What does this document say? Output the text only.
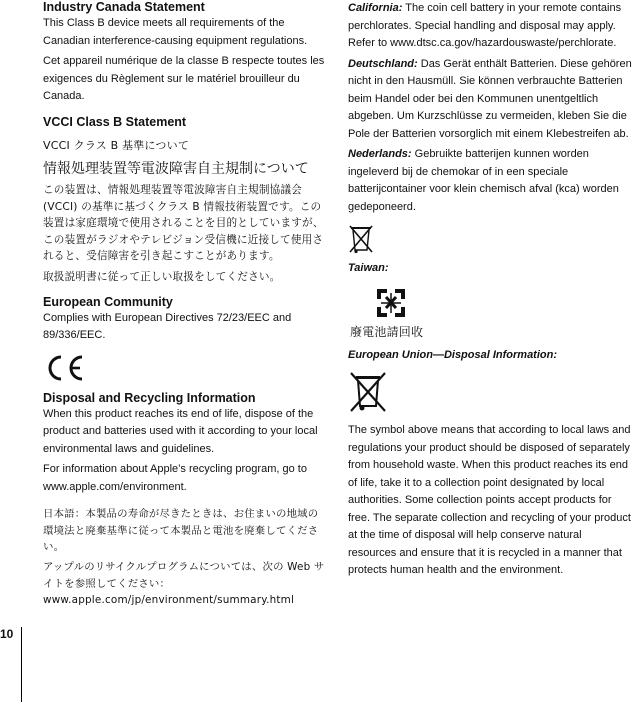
Industry Canada Statement

This Class B device meets all requirements of the Canadian interference-causing equipment regulations.

Cet appareil numérique de la classe B respecte toutes les exigences du Règlement sur le matériel brouilleur du Canada.

VCCI Class B Statement

VCCI クラス B 基準について

情報処理装置等電波障害自主規制について

この装置は、情報処理装置等電波障害自主規制協議会 (VCCI) の基準に基づくクラス B 情報技術装置です。この装置は家庭環境で使用されることを目的としていますが、この装置がラジオやテレビジョン受信機に近接して使用されると、受信障害を引き起こすことがあります。

取扱説明書に従って正しい取扱をしてください。

European Community

Complies with European Directives 72/23/EEC and 89/336/EEC.

Disposal and Recycling Information

When this product reaches its end of life, dispose of the product and batteries used with it according to your local environmental laws and guidelines.

For information about Apple’s recycling program, go to www.apple.com/environment.

日本語：本製品の寿命が尽きたときは、お住まいの地域の環境法と廃棄基準に従って本製品と電池を廃棄してください。

アップルのリサイクルプログラムについては、次の Web サイトを参照してください：

www.apple.com/jp/environment/summary.html

California: The coin cell battery in your remote contains perchlorates. Special handling and disposal may apply. Refer to www.dtsc.ca.gov/hazardouswaste/perchlorate.

Deutschland: Das Gerät enthält Batterien. Diese gehören nicht in den Hausmüll. Sie können verbrauchte Batterien beim Handel oder bei den Kommunen unentgeltlich abgeben. Um Kurzschlüsse zu vermeiden, kleben Sie die Pole der Batterien vorsorglich mit einem Klebestreifen ab.

Nederlands: Gebruikte batterijen kunnen worden ingeleverd bij de chemokar of in een speciale batterijcontainer voor klein chemisch afval (kca) worden gedeponeerd.

Taiwan:

廢電池請回收

European Union—Disposal Information:

The symbol above means that according to local laws and regulations your product should be disposed of separately from household waste. When this product reaches its end of life, take it to a collection point designated by local authorities. Some collection points accept products for free. The separate collection and recycling of your product at the time of disposal will help conserve natural resources and ensure that it is recycled in a manner that protects human health and the environment.

10
